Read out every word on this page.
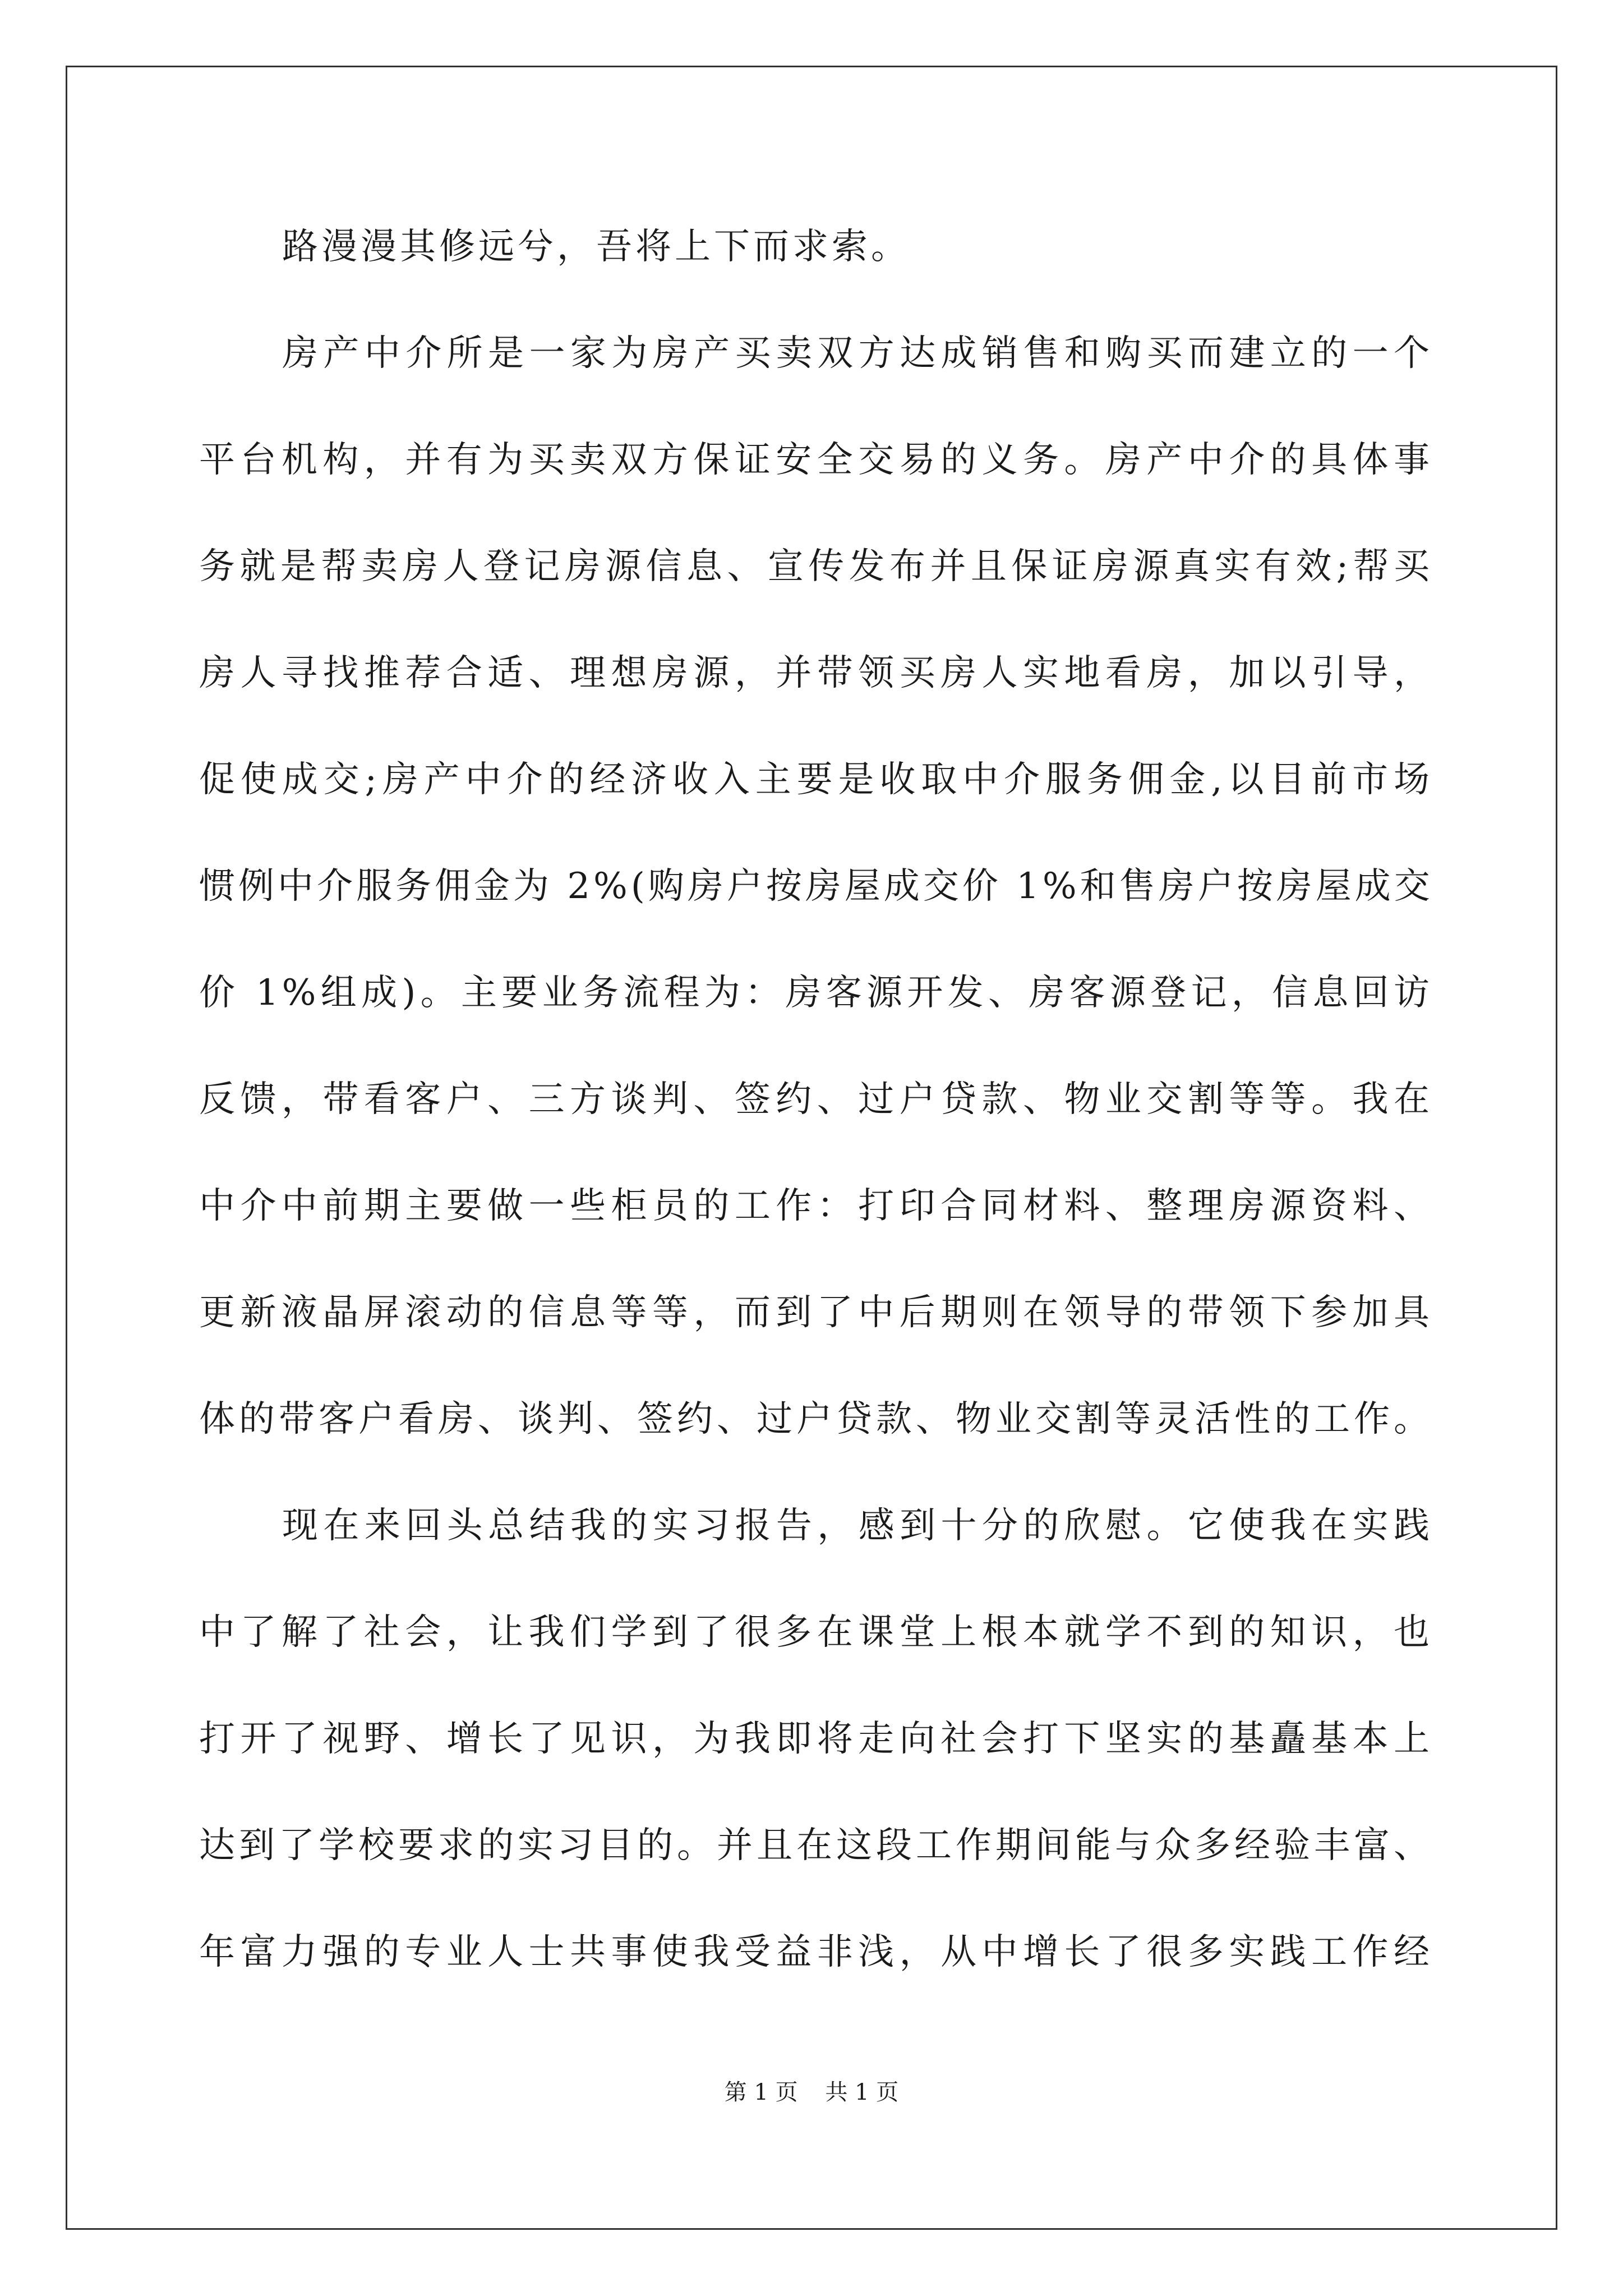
路漫漫其修远兮，吾将上下而求索。
房产中介所是一家为房产买卖双方达成销售和购买而建立的一个
平台机构，并有为买卖双方保证安全交易的义务。房产中介的具体事
务就是帮卖房人登记房源信息、宣传发布并且保证房源真实有效;帮买
房人寻找推荐合适、理想房源，并带领买房人实地看房，加以引导，
促使成交;房产中介的经济收入主要是收取中介服务佣金,以目前市场
惯例中介服务佣金为 2%(购房户按房屋成交价 1%和售房户按房屋成交
价 1%组成)。主要业务流程为：房客源开发、房客源登记，信息回访
反馈，带看客户、三方谈判、签约、过户贷款、物业交割等等。我在
中介中前期主要做一些柜员的工作：打印合同材料、整理房源资料、
更新液晶屏滚动的信息等等，而到了中后期则在领导的带领下参加具
体的带客户看房、谈判、签约、过户贷款、物业交割等灵活性的工作。
现在来回头总结我的实习报告，感到十分的欣慰。它使我在实践
中了解了社会，让我们学到了很多在课堂上根本就学不到的知识，也
打开了视野、增长了见识，为我即将走向社会打下坚实的基矗基本上
达到了学校要求的实习目的。并且在这段工作期间能与众多经验丰富、
年富力强的专业人士共事使我受益非浅，从中增长了很多实践工作经
第 1 页 共 1 页
